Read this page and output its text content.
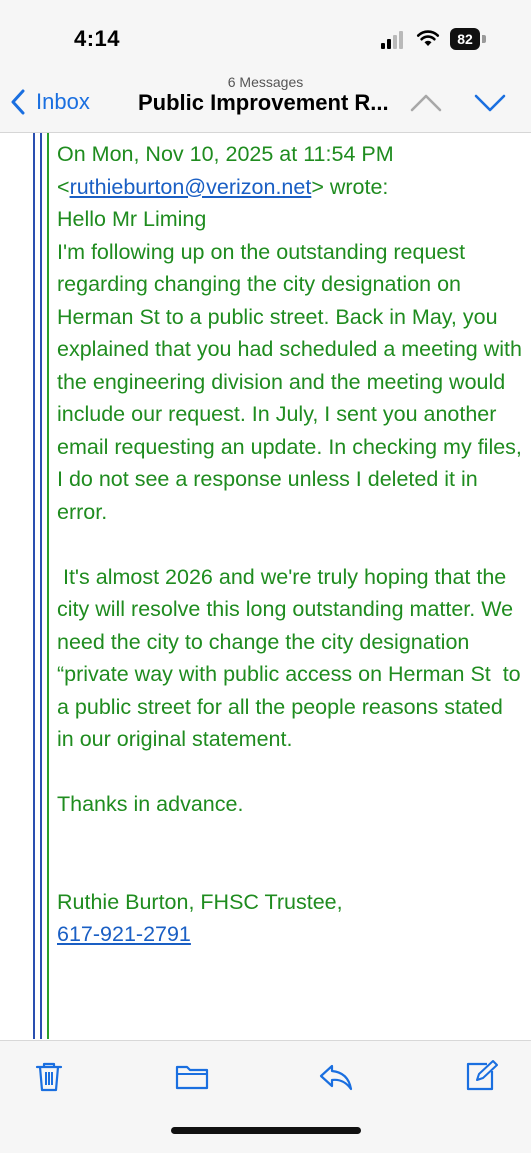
4:14	82
6 Messages
Inbox Public Improvement R...

On Mon, Nov 10, 2025 at 11:54 PM

<ruthieburton@verizon.net> wrote:

Hello Mr Liming

I'm following up on the outstanding request regarding changing the city designation on Herman St to a public street. Back in May, you explained that you had scheduled a meeting with the engineering division and the meeting would include our request. In July, I sent you another email requesting an update. In checking my files, I do not see a response unless I deleted it in error.

It's almost 2026 and we're truly hoping that the city will resolve this long outstanding matter. We need the city to change the city designation “private way with public access on Herman St  to a public street for all the people reasons stated in our original statement.

Thanks in advance.

Ruthie Burton, FHSC Trustee,

617-921-2791
